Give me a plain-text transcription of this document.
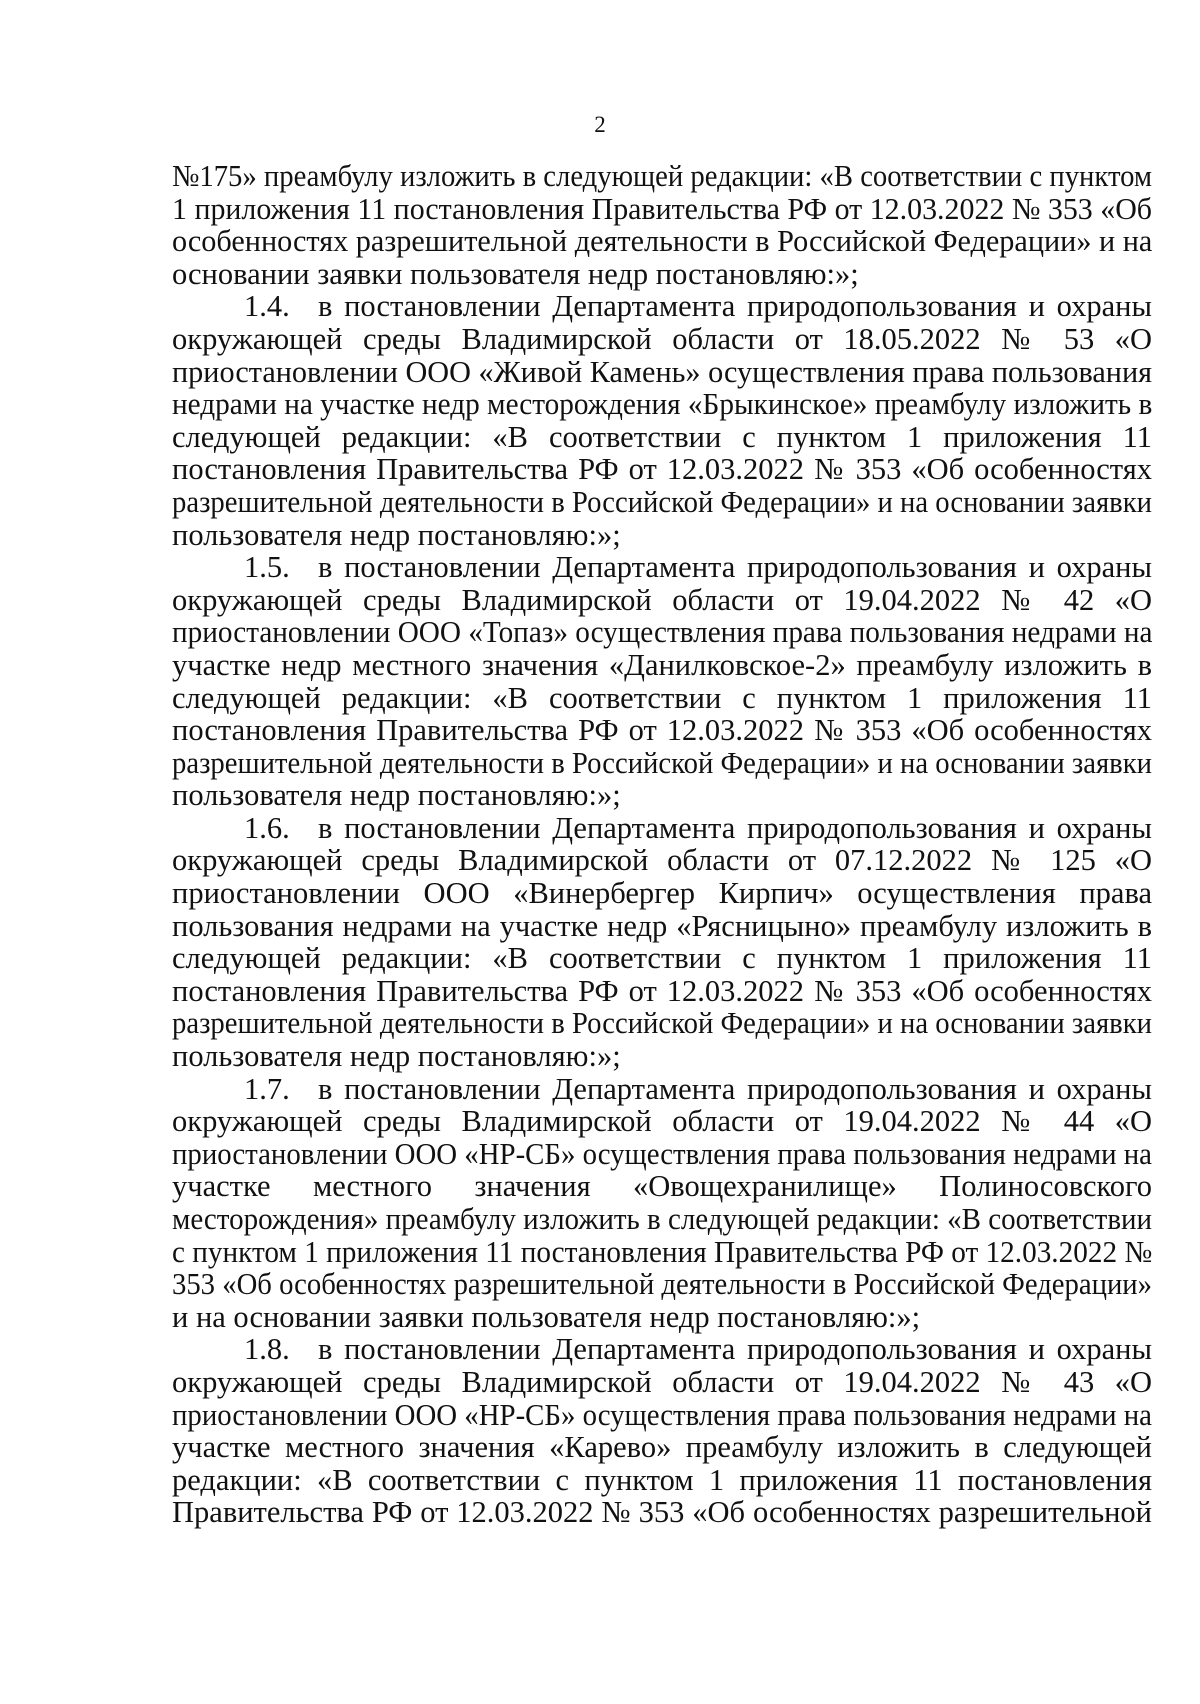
2
№175» преамбулу изложить в следующей редакции: «В соответствии с пунктом
1 приложения 11 постановления Правительства РФ от 12.03.2022 № 353 «Об
особенностях разрешительной деятельности в Российской Федерации» и на
основании заявки пользователя недр постановляю:»;
1.4. в постановлении Департамента природопользования и охраны
окружающей среды Владимирской области от 18.05.2022 № 53 «О
приостановлении ООО «Живой Камень» осуществления права пользования
недрами на участке недр месторождения «Брыкинское» преамбулу изложить в
следующей редакции: «В соответствии с пунктом 1 приложения 11
постановления Правительства РФ от 12.03.2022 № 353 «Об особенностях
разрешительной деятельности в Российской Федерации» и на основании заявки
пользователя недр постановляю:»;
1.5. в постановлении Департамента природопользования и охраны
окружающей среды Владимирской области от 19.04.2022 № 42 «О
приостановлении ООО «Топаз» осуществления права пользования недрами на
участке недр местного значения «Данилковское-2» преамбулу изложить в
следующей редакции: «В соответствии с пунктом 1 приложения 11
постановления Правительства РФ от 12.03.2022 № 353 «Об особенностях
разрешительной деятельности в Российской Федерации» и на основании заявки
пользователя недр постановляю:»;
1.6. в постановлении Департамента природопользования и охраны
окружающей среды Владимирской области от 07.12.2022 № 125 «О
приостановлении ООО «Винербергер Кирпич» осуществления права
пользования недрами на участке недр «Рясницыно» преамбулу изложить в
следующей редакции: «В соответствии с пунктом 1 приложения 11
постановления Правительства РФ от 12.03.2022 № 353 «Об особенностях
разрешительной деятельности в Российской Федерации» и на основании заявки
пользователя недр постановляю:»;
1.7. в постановлении Департамента природопользования и охраны
окружающей среды Владимирской области от 19.04.2022 № 44 «О
приостановлении ООО «НР-СБ» осуществления права пользования недрами на
участке местного значения «Овощехранилище» Полиносовского
месторождения» преамбулу изложить в следующей редакции: «В соответствии
с пунктом 1 приложения 11 постановления Правительства РФ от 12.03.2022 №
353 «Об особенностях разрешительной деятельности в Российской Федерации»
и на основании заявки пользователя недр постановляю:»;
1.8. в постановлении Департамента природопользования и охраны
окружающей среды Владимирской области от 19.04.2022 № 43 «О
приостановлении ООО «НР-СБ» осуществления права пользования недрами на
участке местного значения «Карево» преамбулу изложить в следующей
редакции: «В соответствии с пунктом 1 приложения 11 постановления
Правительства РФ от 12.03.2022 № 353 «Об особенностях разрешительной
